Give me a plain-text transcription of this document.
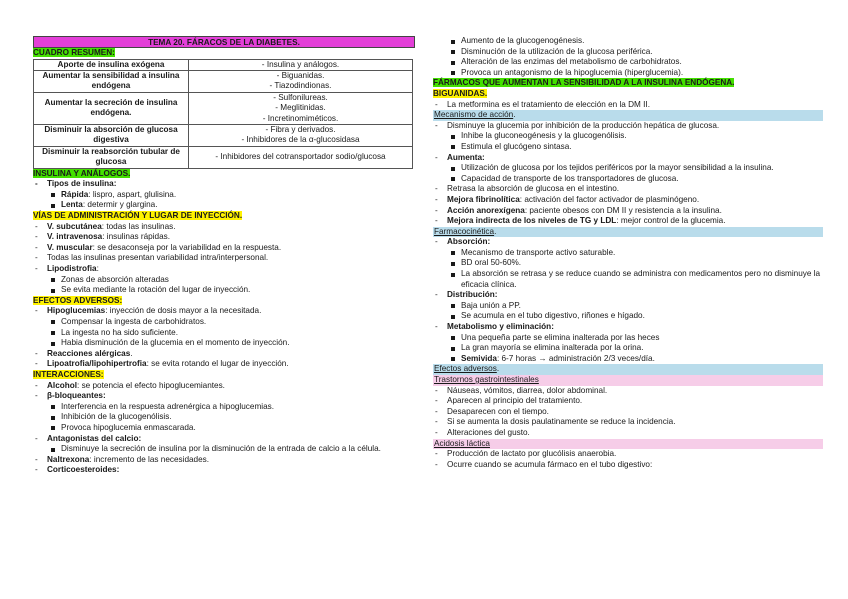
TEMA 20. FÁRACOS DE LA DIABETES.
CUADRO RESUMEN:
Aporte de insulina exógena	- Insulina y análogos.
Aumentar la sensibilidad a insulina endógena	- Biguanidas.
- Tiazodindionas.
Aumentar la secreción de insulina endógena.	- Sulfonilureas.
- Meglitinidas.
- Incretinomiméticos.
Disminuir la absorción de glucosa digestiva	- Fibra y derivados.
- Inhibidores de la α-glucosidasa
Disminuir la reabsorción tubular de glucosa	- Inhibidores del cotransportador sodio/glucosa
INSULINA Y ANÁLOGOS.
- Tipos de insulina:
Rápida: lispro, aspart, glulisina.
Lenta: determir y glargina.
VÍAS DE ADMINISTRACIÓN Y LUGAR DE INYECCIÓN.
- V. subcutánea: todas las insulinas.
- V. intravenosa: insulinas rápidas.
- V. muscular: se desaconseja por la variabilidad en la respuesta.
- Todas las insulinas presentan variabilidad intra/interpersonal.
- Lipodistrofia:
Zonas de absorción alteradas
Se evita mediante la rotación del lugar de inyección.
EFECTOS ADVERSOS:
- Hipoglucemias: inyección de dosis mayor a la necesitada.
Compensar la ingesta de carbohidratos.
La ingesta no ha sido suficiente.
Habia disminución de la glucemia en el momento de inyección.
- Reacciones alérgicas.
- Lipoatrofia/lipohipertrofia: se evita rotando el lugar de inyección.
INTERACCIONES:
- Alcohol: se potencia el efecto hipoglucemiantes.
- β-bloqueantes:
Interferencia en la respuesta adrenérgica a hipoglucemias.
Inhibición de la glucogenólisis.
Provoca hipoglucemia enmascarada.
- Antagonistas del calcio:
Disminuye la secreción de insulina por la disminución de la entrada de calcio a la célula.
- Naltrexona: incremento de las necesidades.
- Corticoesteroides:
Aumento de la glucogenogénesis.
Disminución de la utilización de la glucosa periférica.
Alteración de las enzimas del metabolismo de carbohidratos.
Provoca un antagonismo de la hipoglucemia (hiperglucemia).
FÁRMACOS QUE AUMENTAN LA SENSIBILIDAD A LA INSULINA ENDÓGENA.
BIGUANIDAS.
- La metformina es el tratamiento de elección en la DM II.
Mecanismo de acción.
- Disminuye la glucemia por inhibición de la producción hepática de glucosa.
Inhibe la gluconeogénesis y la glucogenólisis.
Estimula el glucógeno sintasa.
- Aumenta:
Utilización de glucosa por los tejidos periféricos por la mayor sensibilidad a la insulina.
Capacidad de transporte de los transportadores de glucosa.
- Retrasa la absorción de glucosa en el intestino.
- Mejora fibrinolítica: activación del factor activador de plasminógeno.
- Acción anorexígena: paciente obesos con DM II y resistencia a la insulina.
- Mejora indirecta de los niveles de TG y LDL: mejor control de la glucemia.
Farmacocinética.
- Absorción:
Mecanismo de transporte activo saturable.
BD oral 50-60%.
La absorción se retrasa y se reduce cuando se administra con medicamentos pero no disminuye la eficacia clínica.
- Distribución:
Baja unión a PP.
Se acumula en el tubo digestivo, riñones e hígado.
- Metabolismo y eliminación:
Una pequeña parte se elimina inalterada por las heces
La gran mayoría se elimina inalterada por la orina.
Semivida: 6-7 horas → administración 2/3 veces/día.
Efectos adversos.
Trastornos gastrointestinales
- Náuseas, vómitos, diarrea, dolor abdominal.
- Aparecen al principio del tratamiento.
- Desaparecen con el tiempo.
- Si se aumenta la dosis paulatinamente se reduce la incidencia.
- Alteraciones del gusto.
Acidosis láctica
- Producción de lactato por glucólisis anaerobia.
- Ocurre cuando se acumula fármaco en el tubo digestivo:
